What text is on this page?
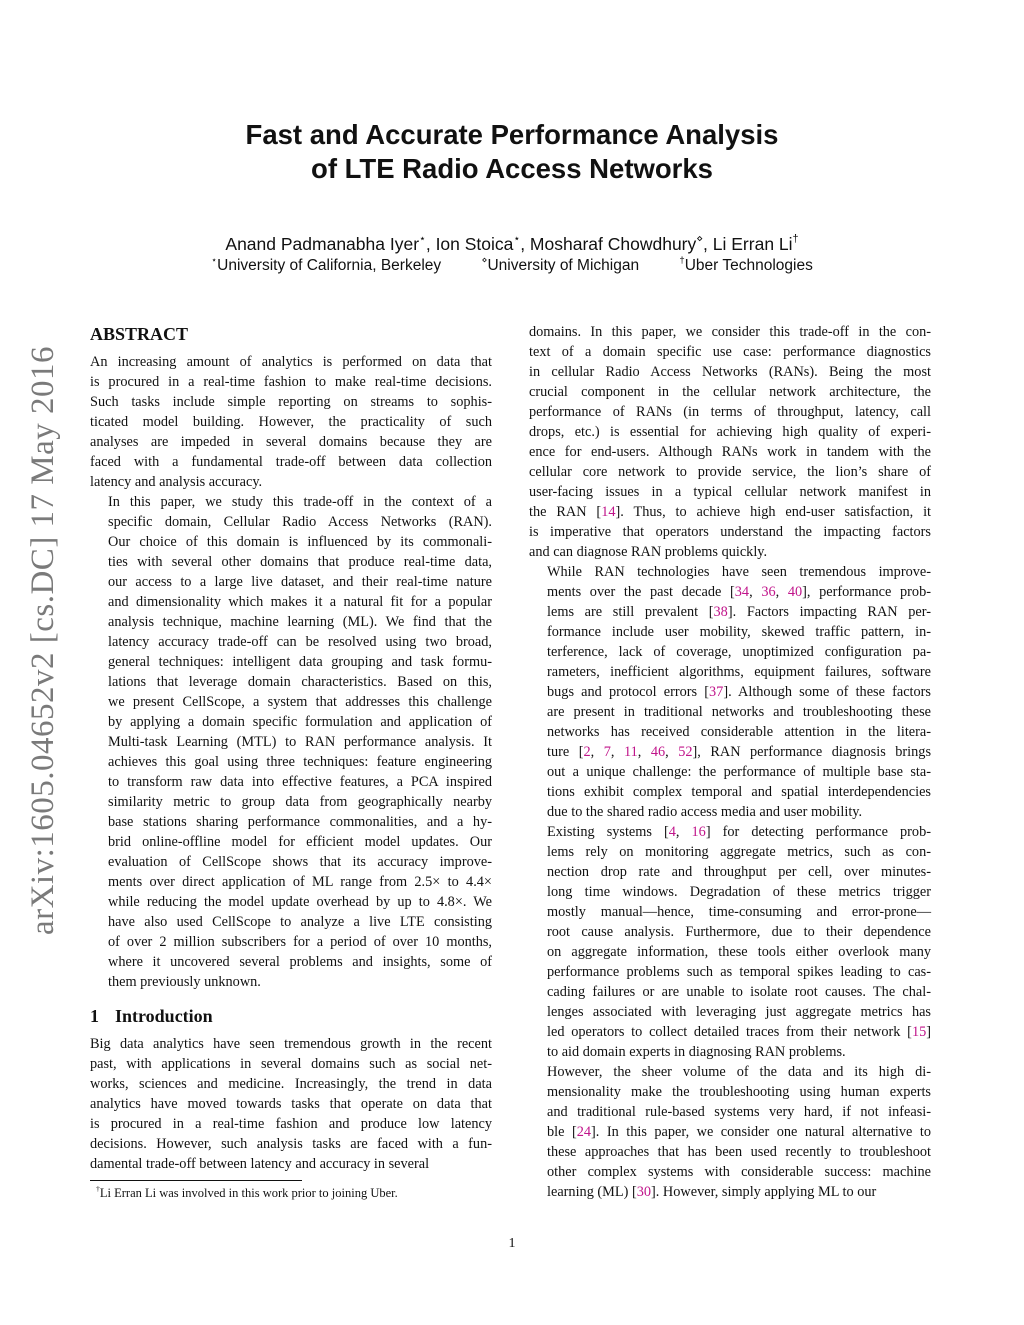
arXiv:1605.04652v2 [cs.DC] 17 May 2016
Fast and Accurate Performance Analysis
of LTE Radio Access Networks
Anand Padmanabha Iyer⋆, Ion Stoica⋆, Mosharaf Chowdhury⋄, Li Erran Li†
⋆University of California, Berkeley	⋄University of Michigan	†Uber Technologies
ABSTRACT

An increasing amount of analytics is performed on data that
is procured in a real-time fashion to make real-time decisions.
Such tasks include simple reporting on streams to sophis-
ticated model building. However, the practicality of such
analyses are impeded in several domains because they are
faced with a fundamental trade-off between data collection
latency and analysis accuracy.

In this paper, we study this trade-off in the context of a
specific domain, Cellular Radio Access Networks (RAN).
Our choice of this domain is influenced by its commonali-
ties with several other domains that produce real-time data,
our access to a large live dataset, and their real-time nature
and dimensionality which makes it a natural fit for a popular
analysis technique, machine learning (ML). We find that the
latency accuracy trade-off can be resolved using two broad,
general techniques: intelligent data grouping and task formu-
lations that leverage domain characteristics. Based on this,
we present CellScope, a system that addresses this challenge
by applying a domain specific formulation and application of
Multi-task Learning (MTL) to RAN performance analysis. It
achieves this goal using three techniques: feature engineering
to transform raw data into effective features, a PCA inspired
similarity metric to group data from geographically nearby
base stations sharing performance commonalities, and a hy-
brid online-offline model for efficient model updates. Our
evaluation of CellScope shows that its accuracy improve-
ments over direct application of ML range from 2.5× to 4.4×
while reducing the model update overhead by up to 4.8×. We
have also used CellScope to analyze a live LTE consisting
of over 2 million subscribers for a period of over 10 months,
where it uncovered several problems and insights, some of
them previously unknown.

1 Introduction

Big data analytics have seen tremendous growth in the recent
past, with applications in several domains such as social net-
works, sciences and medicine. Increasingly, the trend in data
analytics have moved towards tasks that operate on data that
is procured in a real-time fashion and produce low latency
decisions. However, such analysis tasks are faced with a fun-
damental trade-off between latency and accuracy in several

domains. In this paper, we consider this trade-off in the con-
text of a domain specific use case: performance diagnostics
in cellular Radio Access Networks (RANs). Being the most
crucial component in the cellular network architecture, the
performance of RANs (in terms of throughput, latency, call
drops, etc.) is essential for achieving high quality of experi-
ence for end-users. Although RANs work in tandem with the
cellular core network to provide service, the lion’s share of
user-facing issues in a typical cellular network manifest in
the RAN [14]. Thus, to achieve high end-user satisfaction, it
is imperative that operators understand the impacting factors
and can diagnose RAN problems quickly.

While RAN technologies have seen tremendous improve-
ments over the past decade [34, 36, 40], performance prob-
lems are still prevalent [38]. Factors impacting RAN per-
formance include user mobility, skewed traffic pattern, in-
terference, lack of coverage, unoptimized configuration pa-
rameters, inefficient algorithms, equipment failures, software
bugs and protocol errors [37]. Although some of these factors
are present in traditional networks and troubleshooting these
networks has received considerable attention in the litera-
ture [2, 7, 11, 46, 52], RAN performance diagnosis brings
out a unique challenge: the performance of multiple base sta-
tions exhibit complex temporal and spatial interdependencies
due to the shared radio access media and user mobility.

Existing systems [4, 16] for detecting performance prob-
lems rely on monitoring aggregate metrics, such as con-
nection drop rate and throughput per cell, over minutes-
long time windows. Degradation of these metrics trigger
mostly manual—hence, time-consuming and error-prone—
root cause analysis. Furthermore, due to their dependence
on aggregate information, these tools either overlook many
performance problems such as temporal spikes leading to cas-
cading failures or are unable to isolate root causes. The chal-
lenges associated with leveraging just aggregate metrics has
led operators to collect detailed traces from their network [15]
to aid domain experts in diagnosing RAN problems.

However, the sheer volume of the data and its high di-
mensionality make the troubleshooting using human experts
and traditional rule-based systems very hard, if not infeasi-
ble [24]. In this paper, we consider one natural alternative to
these approaches that has been used recently to troubleshoot
other complex systems with considerable success: machine
learning (ML) [30]. However, simply applying ML to our

†Li Erran Li was involved in this work prior to joining Uber.
1
